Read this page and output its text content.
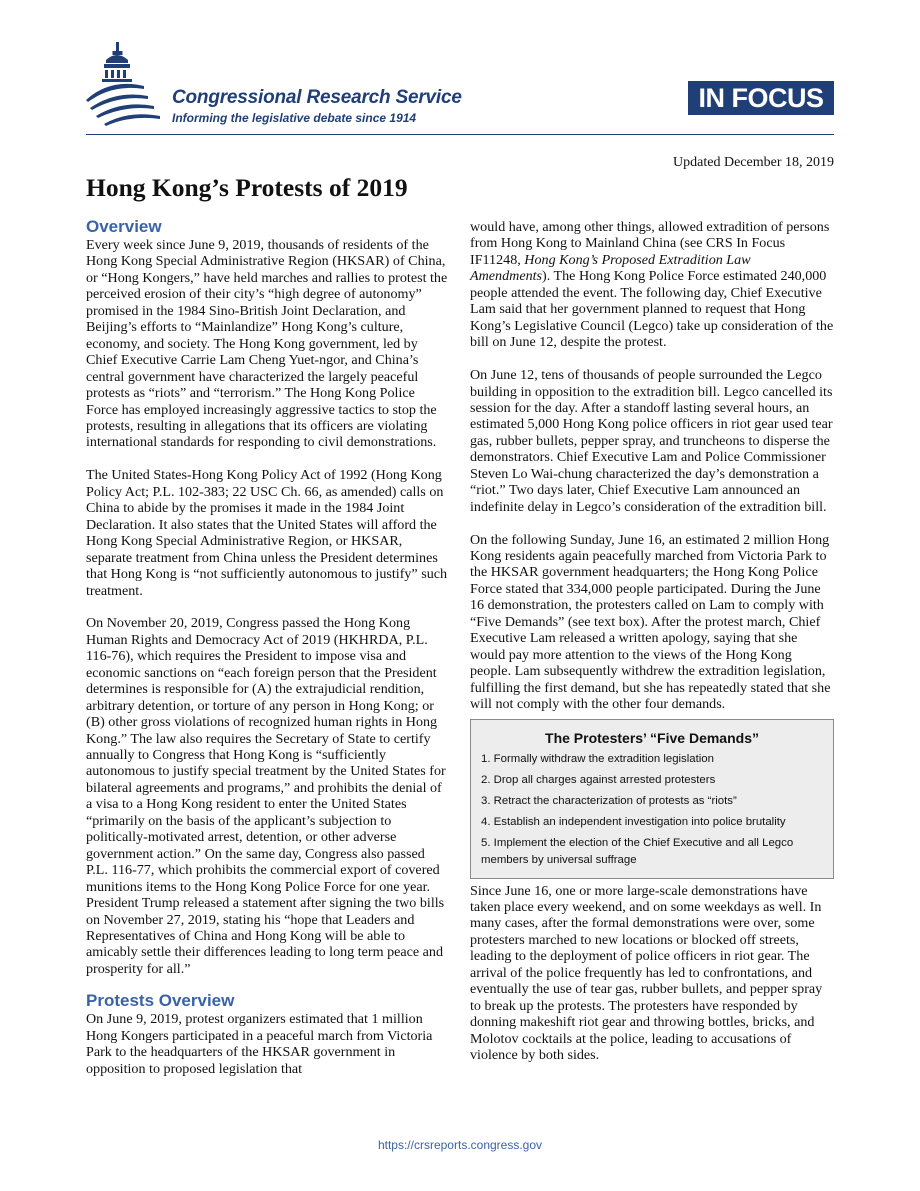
Congressional Research Service
Informing the legislative debate since 1914
IN FOCUS
Updated December 18, 2019
Hong Kong’s Protests of 2019
Overview

Every week since June 9, 2019, thousands of residents of the Hong Kong Special Administrative Region (HKSAR) of China, or “Hong Kongers,” have held marches and rallies to protest the perceived erosion of their city’s “high degree of autonomy” promised in the 1984 Sino-British Joint Declaration, and Beijing’s efforts to “Mainlandize” Hong Kong’s culture, economy, and society. The Hong Kong government, led by Chief Executive Carrie Lam Cheng Yuet-ngor, and China’s central government have characterized the largely peaceful protests as “riots” and “terrorism.” The Hong Kong Police Force has employed increasingly aggressive tactics to stop the protests, resulting in allegations that its officers are violating international standards for responding to civil demonstrations.

The United States-Hong Kong Policy Act of 1992 (Hong Kong Policy Act; P.L. 102-383; 22 USC Ch. 66, as amended) calls on China to abide by the promises it made in the 1984 Joint Declaration. It also states that the United States will afford the Hong Kong Special Administrative Region, or HKSAR, separate treatment from China unless the President determines that Hong Kong is “not sufficiently autonomous to justify” such treatment.

On November 20, 2019, Congress passed the Hong Kong Human Rights and Democracy Act of 2019 (HKHRDA, P.L. 116-76), which requires the President to impose visa and economic sanctions on “each foreign person that the President determines is responsible for (A) the extrajudicial rendition, arbitrary detention, or torture of any person in Hong Kong; or (B) other gross violations of recognized human rights in Hong Kong.” The law also requires the Secretary of State to certify annually to Congress that Hong Kong is “sufficiently autonomous to justify special treatment by the United States for bilateral agreements and programs,” and prohibits the denial of a visa to a Hong Kong resident to enter the United States “primarily on the basis of the applicant’s subjection to politically-motivated arrest, detention, or other adverse government action.” On the same day, Congress also passed P.L. 116-77, which prohibits the commercial export of covered munitions items to the Hong Kong Police Force for one year. President Trump released a statement after signing the two bills on November 27, 2019, stating his “hope that Leaders and Representatives of China and Hong Kong will be able to amicably settle their differences leading to long term peace and prosperity for all.”

Protests Overview

On June 9, 2019, protest organizers estimated that 1 million Hong Kongers participated in a peaceful march from Victoria Park to the headquarters of the HKSAR government in opposition to proposed legislation that

would have, among other things, allowed extradition of persons from Hong Kong to Mainland China (see CRS In Focus IF11248, Hong Kong’s Proposed Extradition Law Amendments). The Hong Kong Police Force estimated 240,000 people attended the event. The following day, Chief Executive Lam said that her government planned to request that Hong Kong’s Legislative Council (Legco) take up consideration of the bill on June 12, despite the protest.

On June 12, tens of thousands of people surrounded the Legco building in opposition to the extradition bill. Legco cancelled its session for the day. After a standoff lasting several hours, an estimated 5,000 Hong Kong police officers in riot gear used tear gas, rubber bullets, pepper spray, and truncheons to disperse the demonstrators. Chief Executive Lam and Police Commissioner Steven Lo Wai-chung characterized the day’s demonstration a “riot.” Two days later, Chief Executive Lam announced an indefinite delay in Legco’s consideration of the extradition bill.

On the following Sunday, June 16, an estimated 2 million Hong Kong residents again peacefully marched from Victoria Park to the HKSAR government headquarters; the Hong Kong Police Force stated that 334,000 people participated. During the June 16 demonstration, the protesters called on Lam to comply with “Five Demands” (see text box). After the protest march, Chief Executive Lam released a written apology, saying that she would pay more attention to the views of the Hong Kong people. Lam subsequently withdrew the extradition legislation, fulfilling the first demand, but she has repeatedly stated that she will not comply with the other four demands.

The Protesters’ “Five Demands”
1. Formally withdraw the extradition legislation
2. Drop all charges against arrested protesters
3. Retract the characterization of protests as “riots”
4. Establish an independent investigation into police brutality
5. Implement the election of the Chief Executive and all Legco members by universal suffrage

Since June 16, one or more large-scale demonstrations have taken place every weekend, and on some weekdays as well. In many cases, after the formal demonstrations were over, some protesters marched to new locations or blocked off streets, leading to the deployment of police officers in riot gear. The arrival of the police frequently has led to confrontations, and eventually the use of tear gas, rubber bullets, and pepper spray to break up the protests. The protesters have responded by donning makeshift riot gear and throwing bottles, bricks, and Molotov cocktails at the police, leading to accusations of violence by both sides.

https://crsreports.congress.gov
